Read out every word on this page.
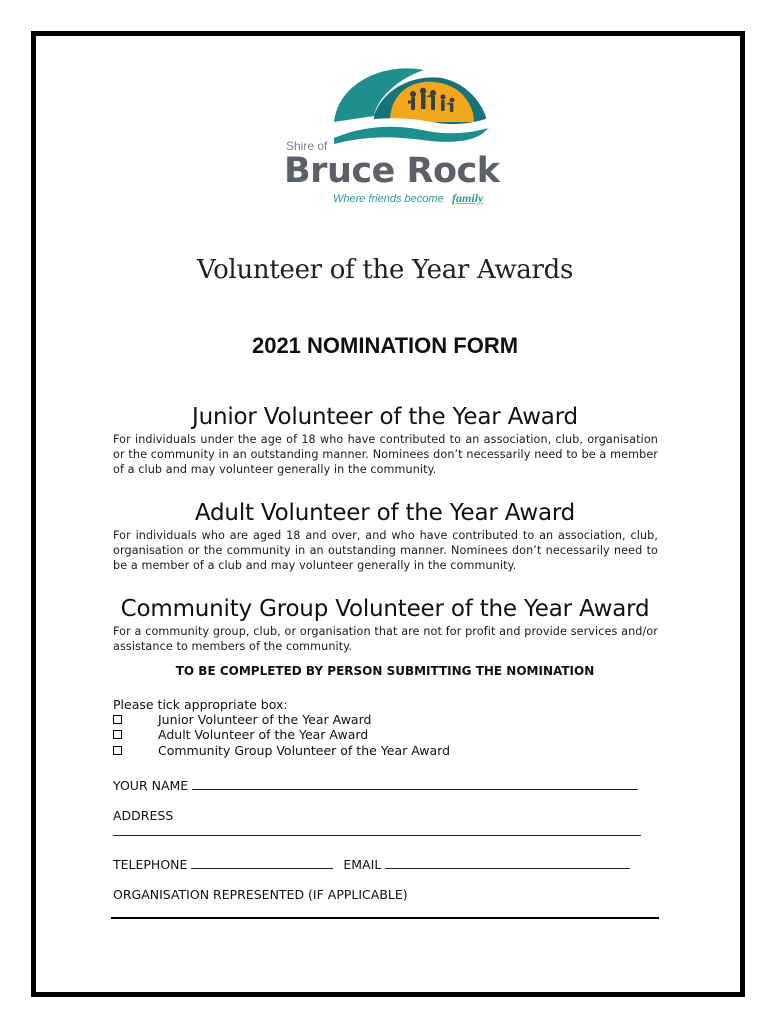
Shire of
Bruce Rock
Where friends become family
Volunteer of the Year Awards
2021 NOMINATION FORM
Junior Volunteer of the Year Award
For individuals under the age of 18 who have contributed to an association, club, organisation or the community in an outstanding manner. Nominees don’t necessarily need to be a member of a club and may volunteer generally in the community.
Adult Volunteer of the Year Award
For individuals who are aged 18 and over, and who have contributed to an association, club, organisation or the community in an outstanding manner. Nominees don’t necessarily need to be a member of a club and may volunteer generally in the community.
Community Group Volunteer of the Year Award
For a community group, club, or organisation that are not for profit and provide services and/or assistance to members of the community.
TO BE COMPLETED BY PERSON SUBMITTING THE NOMINATION
Please tick appropriate box:
Junior Volunteer of the Year Award
Adult Volunteer of the Year Award
Community Group Volunteer of the Year Award
YOUR NAME
ADDRESS
TELEPHONE	EMAIL
ORGANISATION REPRESENTED (IF APPLICABLE)
